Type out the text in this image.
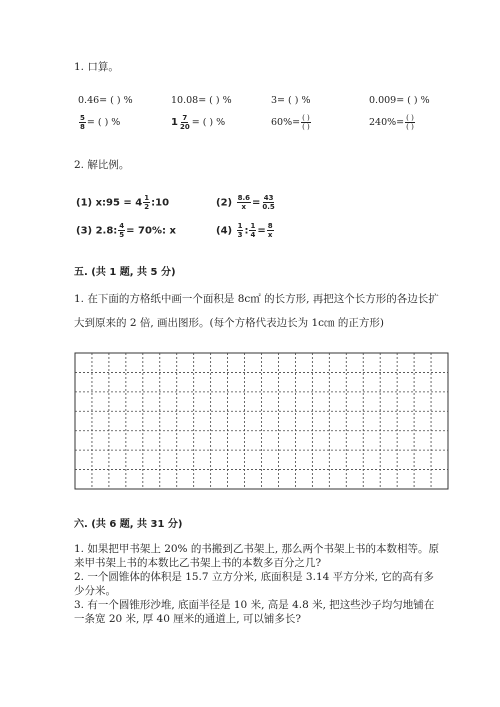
1. 口算。
0.46= ( ) %	10.08= ( ) %	3= ( ) %	0.009= ( ) %
$\frac{5}{8}$ = ( ) %	$1 \frac{7}{20}$ = ( ) %	$60\%= \frac{( )}{( )}$	$240\%= \frac{( )}{( )}$
2. 解比例。
(1) x:95 = $4 \frac{1}{2}$ :10	$(2) \frac{8.6}{x} = \frac{43}{0.5}$
(3) 2.8: $\frac{4}{5} = 70\%$: x	$(4) \frac{1}{3}$ : $\frac{1}{4} = \frac{8}{x}$
五. (共 1 题, 共 5 分)
1. 在下面的方格纸中画一个面积是 8c㎡ 的长方形, 再把这个长方形的各边长扩
大到原来的 2 倍, 画出图形。(每个方格代表边长为 1c㎝ 的正方形)
六. (共 6 题, 共 31 分)
1. 如果把甲书架上 20% 的书搬到乙书架上, 那么两个书架上书的本数相等。原
来甲书架上书的本数比乙书架上书的本数多百分之几?
2. 一个圆锥体的体积是 15.7 立方分米, 底面积是 3.14 平方分米, 它的高有多
少分米。
3. 有一个圆锥形沙堆, 底面半径是 10 米, 高是 4.8 米, 把这些沙子均匀地铺在
一条宽 20 米, 厚 40 厘米的通道上, 可以铺多长?
